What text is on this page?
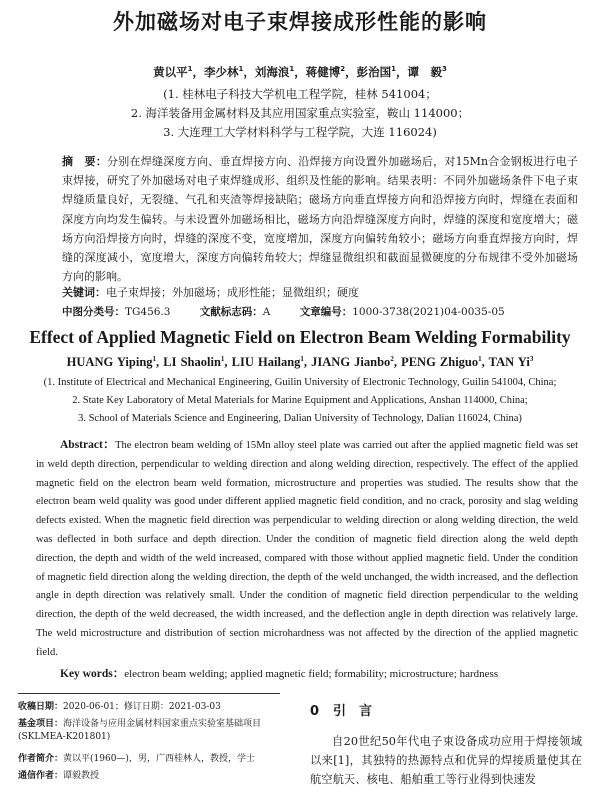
外加磁场对电子束焊接成形性能的影响
黄以平$^1$，李少林$^1$，刘海浪$^1$，蒋健博$^2$，彭治国$^1$，谭　毅$^3$
(1. 桂林电子科技大学机电工程学院，桂林 541004；
2. 海洋装备用金属材料及其应用国家重点实验室，鞍山 114000；
3. 大连理工大学材料科学与工程学院，大连 116024)
摘　要：分别在焊缝深度方向、垂直焊接方向、沿焊接方向设置外加磁场后，对15Mn合金钢板进行电子束焊接，研究了外加磁场对电子束焊缝成形、组织及性能的影响。结果表明：不同外加磁场条件下电子束焊缝质量良好，无裂缝、气孔和夹渣等焊接缺陷；磁场方向垂直焊接方向和沿焊接方向时，焊缝在表面和深度方向均发生偏转。与未设置外加磁场相比，磁场方向沿焊缝深度方向时，焊缝的深度和宽度增大；磁场方向沿焊接方向时，焊缝的深度不变，宽度增加，深度方向偏转角较小；磁场方向垂直焊接方向时，焊缝的深度减小，宽度增大，深度方向偏转角较大；焊缝显微组织和截面显微硬度的分布规律不受外加磁场方向的影响。
关键词：电子束焊接；外加磁场；成形性能；显微组织；硬度
中图分类号：TG456.3	文献标志码：A	文章编号：1000-3738(2021)04-0035-05
Effect of Applied Magnetic Field on Electron Beam Welding Formability
HUANG Yiping$^1$, LI Shaolin$^1$, LIU Hailang$^1$, JIANG Jianbo$^2$, PENG Zhiguo$^1$, TAN Yi$^3$
(1. Institute of Electrical and Mechanical Engineering, Guilin University of Electronic Technology, Guilin 541004, China;
2. State Key Laboratory of Metal Materials for Marine Equipment and Applications, Anshan 114000, China;
3. School of Materials Science and Engineering, Dalian University of Technology, Dalian 116024, China)
Abstract：The electron beam welding of 15Mn alloy steel plate was carried out after the applied magnetic field was set in weld depth direction, perpendicular to welding direction and along welding direction, respectively. The effect of the applied magnetic field on the electron beam weld formation, microstructure and properties was studied. The results show that the electron beam weld quality was good under different applied magnetic field condition, and no crack, porosity and slag welding defects existed. When the magnetic field direction was perpendicular to welding direction or along welding direction, the weld was deflected in both surface and depth direction. Under the condition of magnetic field direction along the weld depth direction, the depth and width of the weld increased, compared with those without applied magnetic field. Under the condition of magnetic field direction along the welding direction, the depth of the weld unchanged, the width increased, and the deflection angle in depth direction was relatively small. Under the condition of magnetic field direction perpendicular to the welding direction, the depth of the weld decreased, the width increased, and the deflection angle in depth direction was relatively large. The weld microstructure and distribution of section microhardness was not affected by the direction of the applied magnetic field.
Key words：electron beam welding; applied magnetic field; formability; microstructure; hardness
收稿日期：2020-06-01；修订日期：2021-03-03
基金项目：海洋设备与应用金属材料国家重点实验室基础项目(SKLMEA-K201801)
作者简介：黄以平(1960—)，男，广西桂林人，教授，学士
通信作者：谭毅教授
0 引　言
自20世纪50年代电子束设备成功应用于焊接领域以来[1]，其独特的热源特点和优异的焊接质量使其在航空航天、核电、船舶重工等行业得到快速发
